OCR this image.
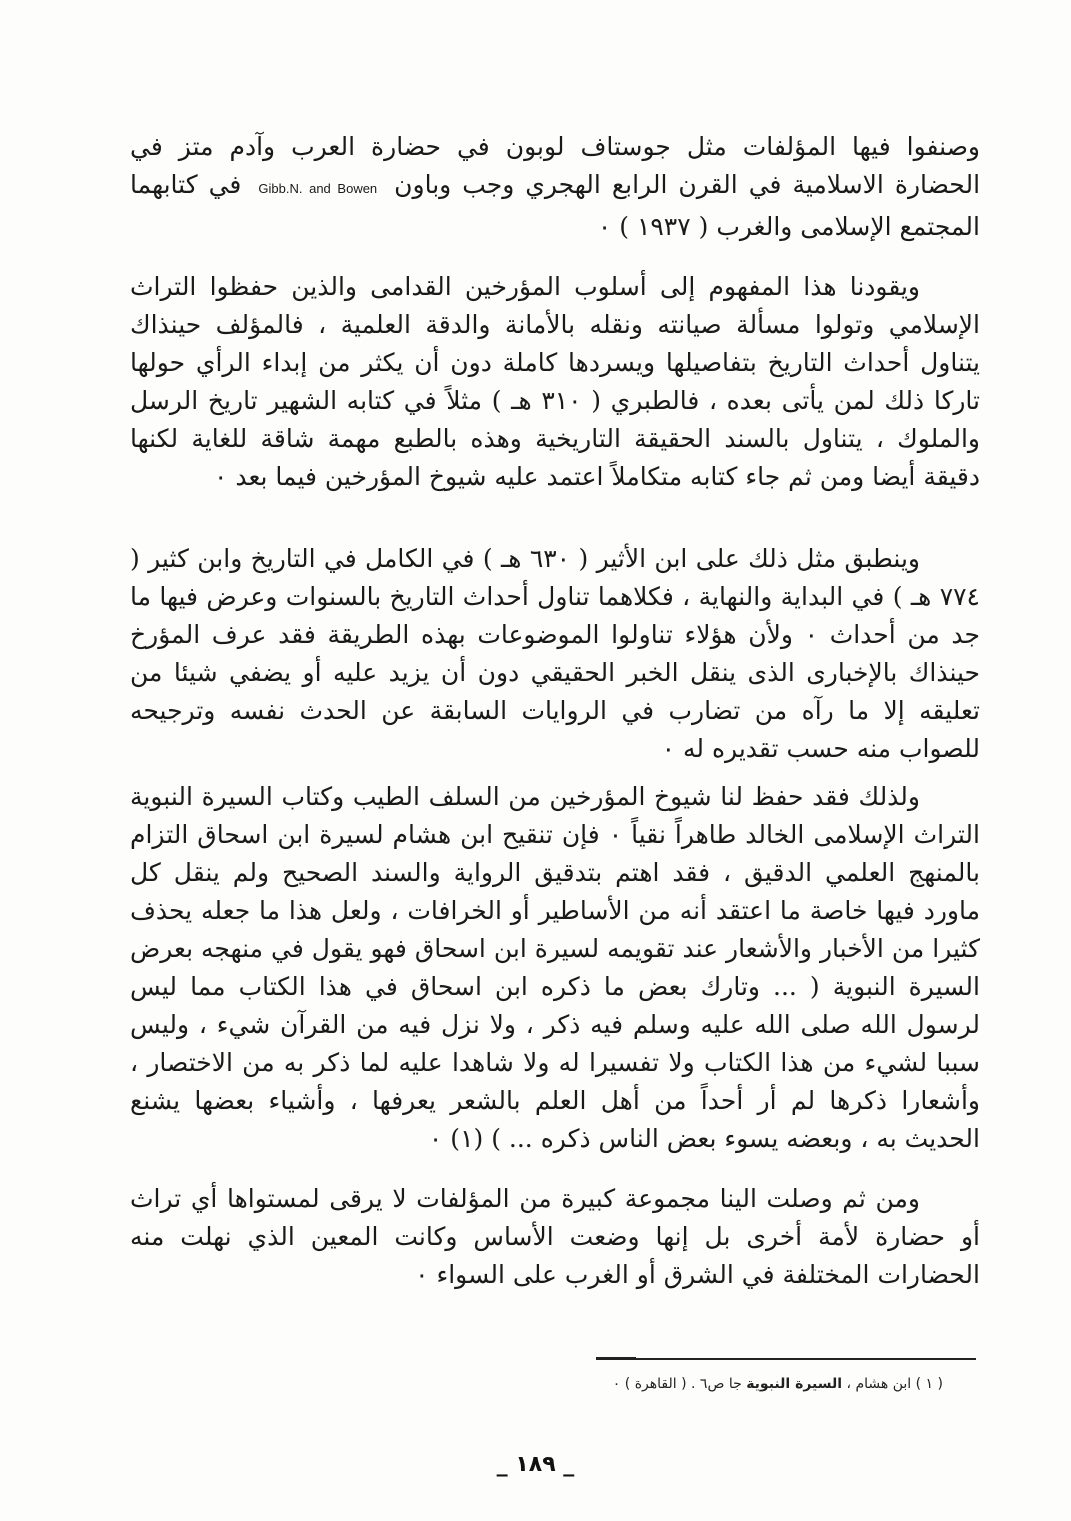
وصنفوا فيها المؤلفات مثل جوستاف لوبون في حضارة العرب وآدم متز في الحضارة الاسلامية في القرن الرابع الهجري وجب وباون Gibb.N. and Bowen في كتابهما المجتمع الإسلامى والغرب ( ١٩٣٧ ) ٠

ويقودنا هذا المفهوم إلى أسلوب المؤرخين القدامى والذين حفظوا التراث الإسلامي وتولوا مسألة صيانته ونقله بالأمانة والدقة العلمية ، فالمؤلف حينذاك يتناول أحداث التاريخ بتفاصيلها ويسردها كاملة دون أن يكثر من إبداء الرأي حولها تاركا ذلك لمن يأتى بعده ، فالطبري ( ٣١٠ هـ ) مثلاً في كتابه الشهير تاريخ الرسل والملوك ، يتناول بالسند الحقيقة التاريخية وهذه بالطبع مهمة شاقة للغاية لكنها دقيقة أيضا ومن ثم جاء كتابه متكاملاً اعتمد عليه شيوخ المؤرخين فيما بعد ٠

وينطبق مثل ذلك على ابن الأثير ( ٦٣٠ هـ ) في الكامل في التاريخ وابن كثير ( ٧٧٤ هـ ) في البداية والنهاية ، فكلاهما تناول أحداث التاريخ بالسنوات وعرض فيها ما جد من أحداث ٠ ولأن هؤلاء تناولوا الموضوعات بهذه الطريقة فقد عرف المؤرخ حينذاك بالإخبارى الذى ينقل الخبر الحقيقي دون أن يزيد عليه أو يضفي شيئا من تعليقه إلا ما رآه من تضارب في الروايات السابقة عن الحدث نفسه وترجيحه للصواب منه حسب تقديره له ٠

ولذلك فقد حفظ لنا شيوخ المؤرخين من السلف الطيب وكتاب السيرة النبوية التراث الإسلامى الخالد طاهراً نقياً ٠ فإن تنقيح ابن هشام لسيرة ابن اسحاق التزام بالمنهج العلمي الدقيق ، فقد اهتم بتدقيق الرواية والسند الصحيح ولم ينقل كل ماورد فيها خاصة ما اعتقد أنه من الأساطير أو الخرافات ، ولعل هذا ما جعله يحذف كثيرا من الأخبار والأشعار عند تقويمه لسيرة ابن اسحاق فهو يقول في منهجه بعرض السيرة النبوية ( ... وتارك بعض ما ذكره ابن اسحاق في هذا الكتاب مما ليس لرسول الله صلى الله عليه وسلم فيه ذكر ، ولا نزل فيه من القرآن شيء ، وليس سببا لشيء من هذا الكتاب ولا تفسيرا له ولا شاهدا عليه لما ذكر به من الاختصار ، وأشعارا ذكرها لم أر أحداً من أهل العلم بالشعر يعرفها ، وأشياء بعضها يشنع الحديث به ، وبعضه يسوء بعض الناس ذكره ... ) (١) ٠

ومن ثم وصلت الينا مجموعة كبيرة من المؤلفات لا يرقى لمستواها أي تراث أو حضارة لأمة أخرى بل إنها وضعت الأساس وكانت المعين الذي نهلت منه الحضارات المختلفة في الشرق أو الغرب على السواء ٠

( ١ ) ابن هشام ، السيرة النبوية جا ص٦ . ( القاهرة ) ٠
_ ١٨٩ _
